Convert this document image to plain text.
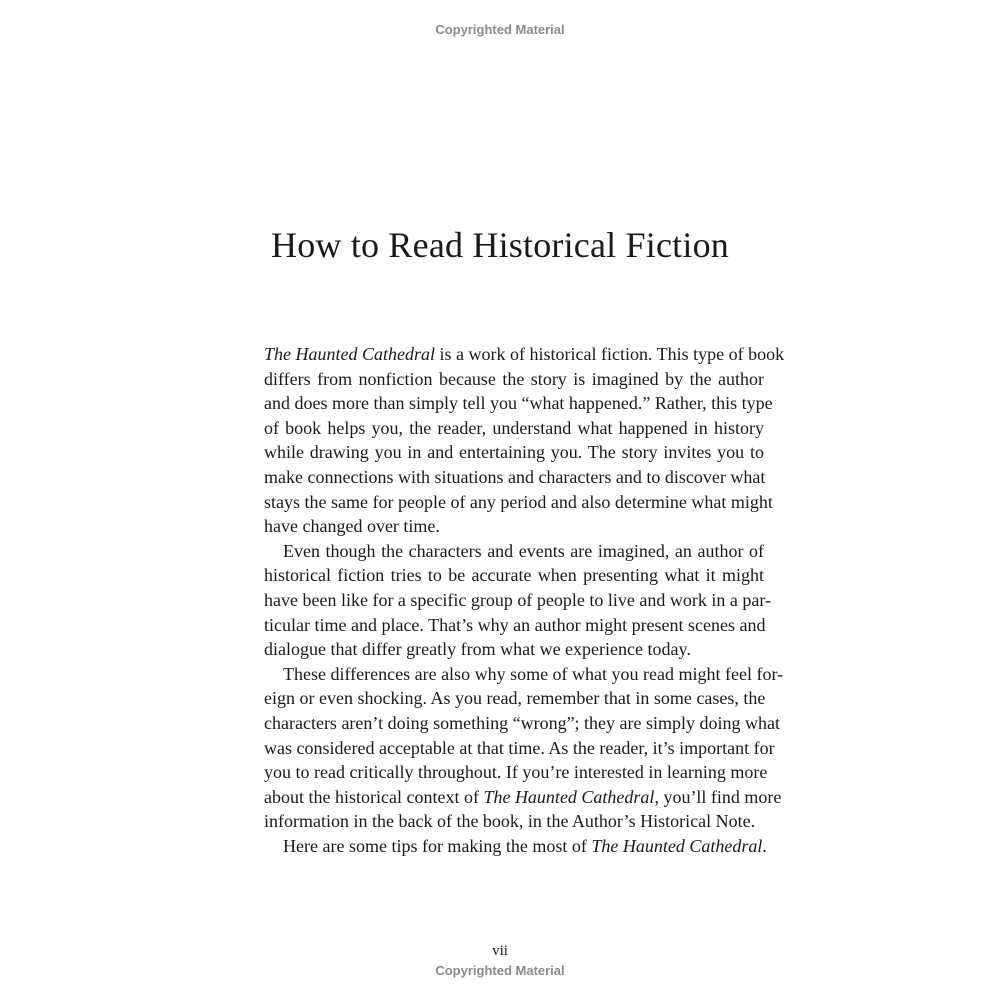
Copyrighted Material
How to Read Historical Fiction
The Haunted Cathedral is a work of historical fiction. This type of book
differs from nonfiction because the story is imagined by the author
and does more than simply tell you “what happened.” Rather, this type
of book helps you, the reader, understand what happened in history
while drawing you in and entertaining you. The story invites you to
make connections with situations and characters and to discover what
stays the same for people of any period and also determine what might
have changed over time.
Even though the characters and events are imagined, an author of
historical fiction tries to be accurate when presenting what it might
have been like for a specific group of people to live and work in a par-
ticular time and place. That’s why an author might present scenes and
dialogue that differ greatly from what we experience today.
These differences are also why some of what you read might feel for-
eign or even shocking. As you read, remember that in some cases, the
characters aren’t doing something “wrong”; they are simply doing what
was considered acceptable at that time. As the reader, it’s important for
you to read critically throughout. If you’re interested in learning more
about the historical context of The Haunted Cathedral, you’ll find more
information in the back of the book, in the Author’s Historical Note.
Here are some tips for making the most of The Haunted Cathedral.
vii
Copyrighted Material
